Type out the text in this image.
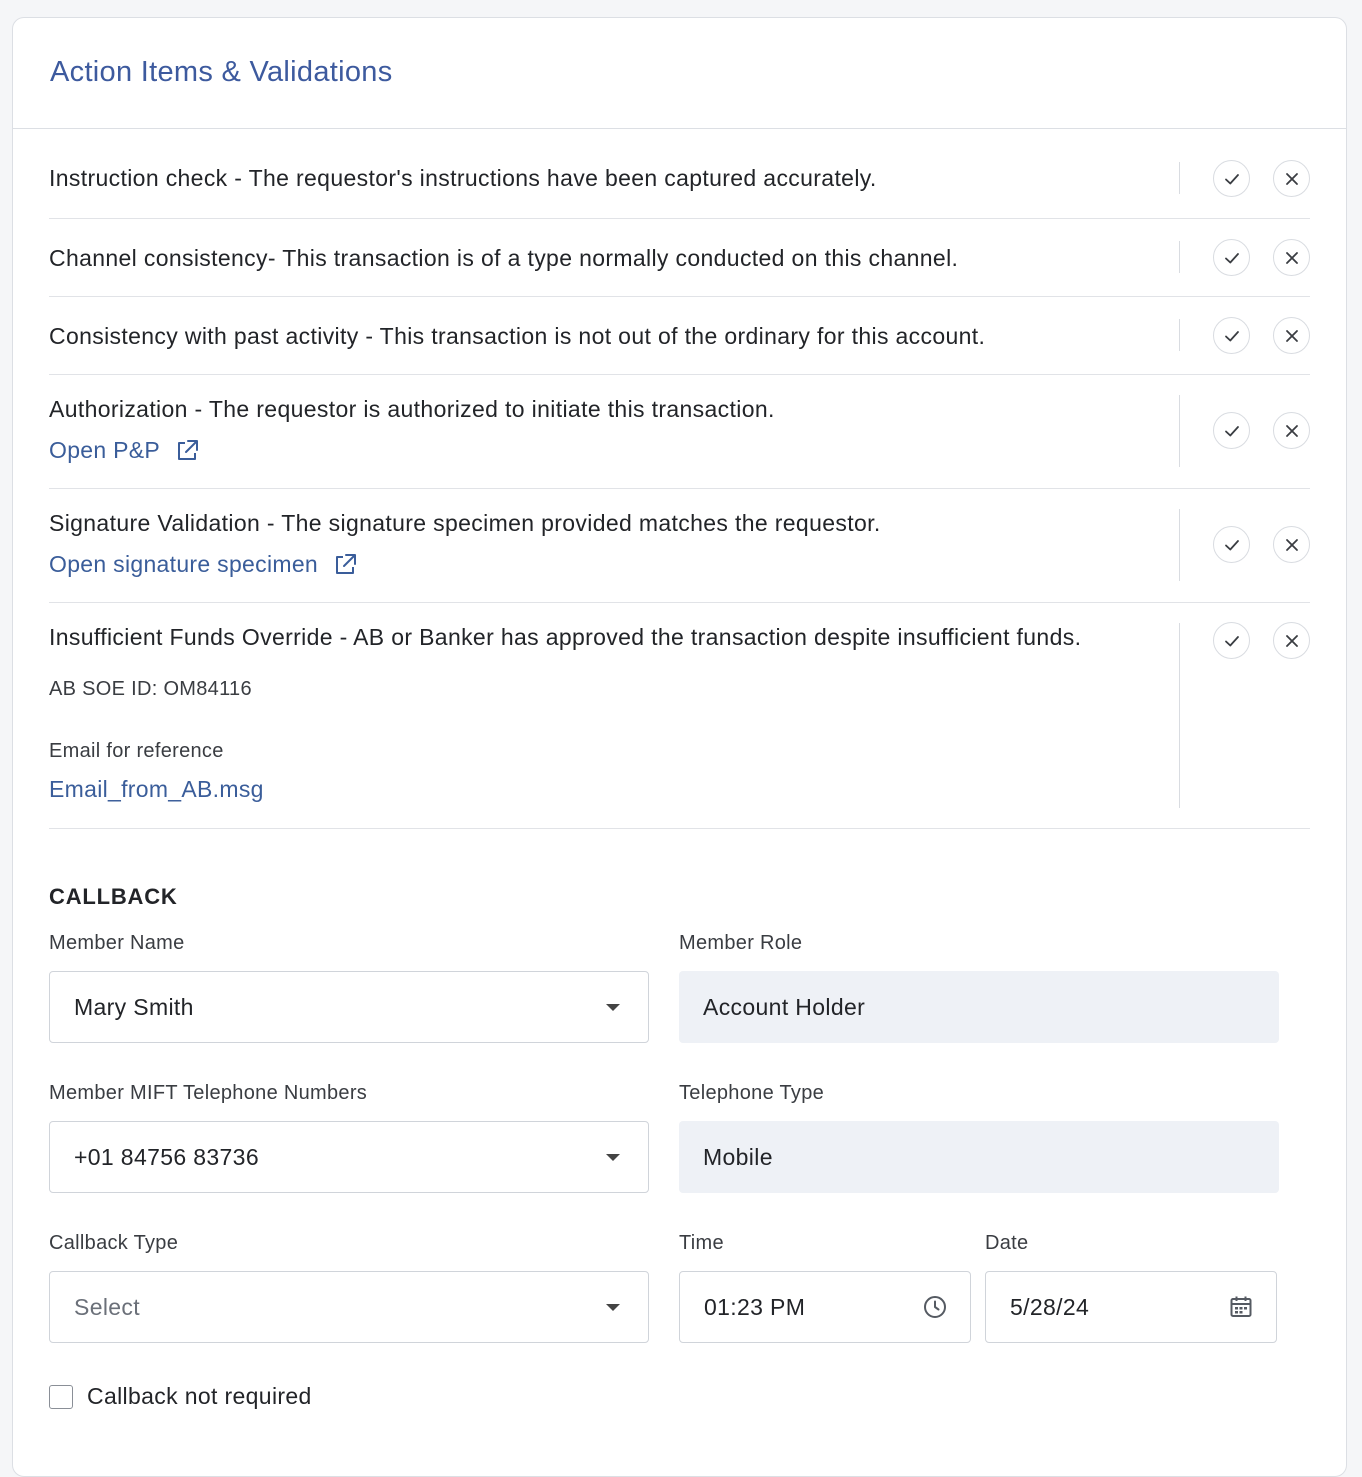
Action Items & Validations
Instruction check - The requestor's instructions have been captured accurately.
Channel consistency- This transaction is of a type normally conducted on this channel.
Consistency with past activity - This transaction is not out of the ordinary for this account.
Authorization - The requestor is authorized to initiate this transaction.
Open P&P
Signature Validation - The signature specimen provided matches the requestor.
Open signature specimen
Insufficient Funds Override - AB or Banker has approved the transaction despite insufficient funds.
AB SOE ID: OM84116
Email for reference
Email_from_AB.msg
CALLBACK
Member Name
Mary Smith
Member Role
Account Holder
Member MIFT Telephone Numbers
+01 84756 83736
Telephone Type
Mobile
Callback Type
Select
Time
01:23 PM
Date
5/28/24
Callback not required
